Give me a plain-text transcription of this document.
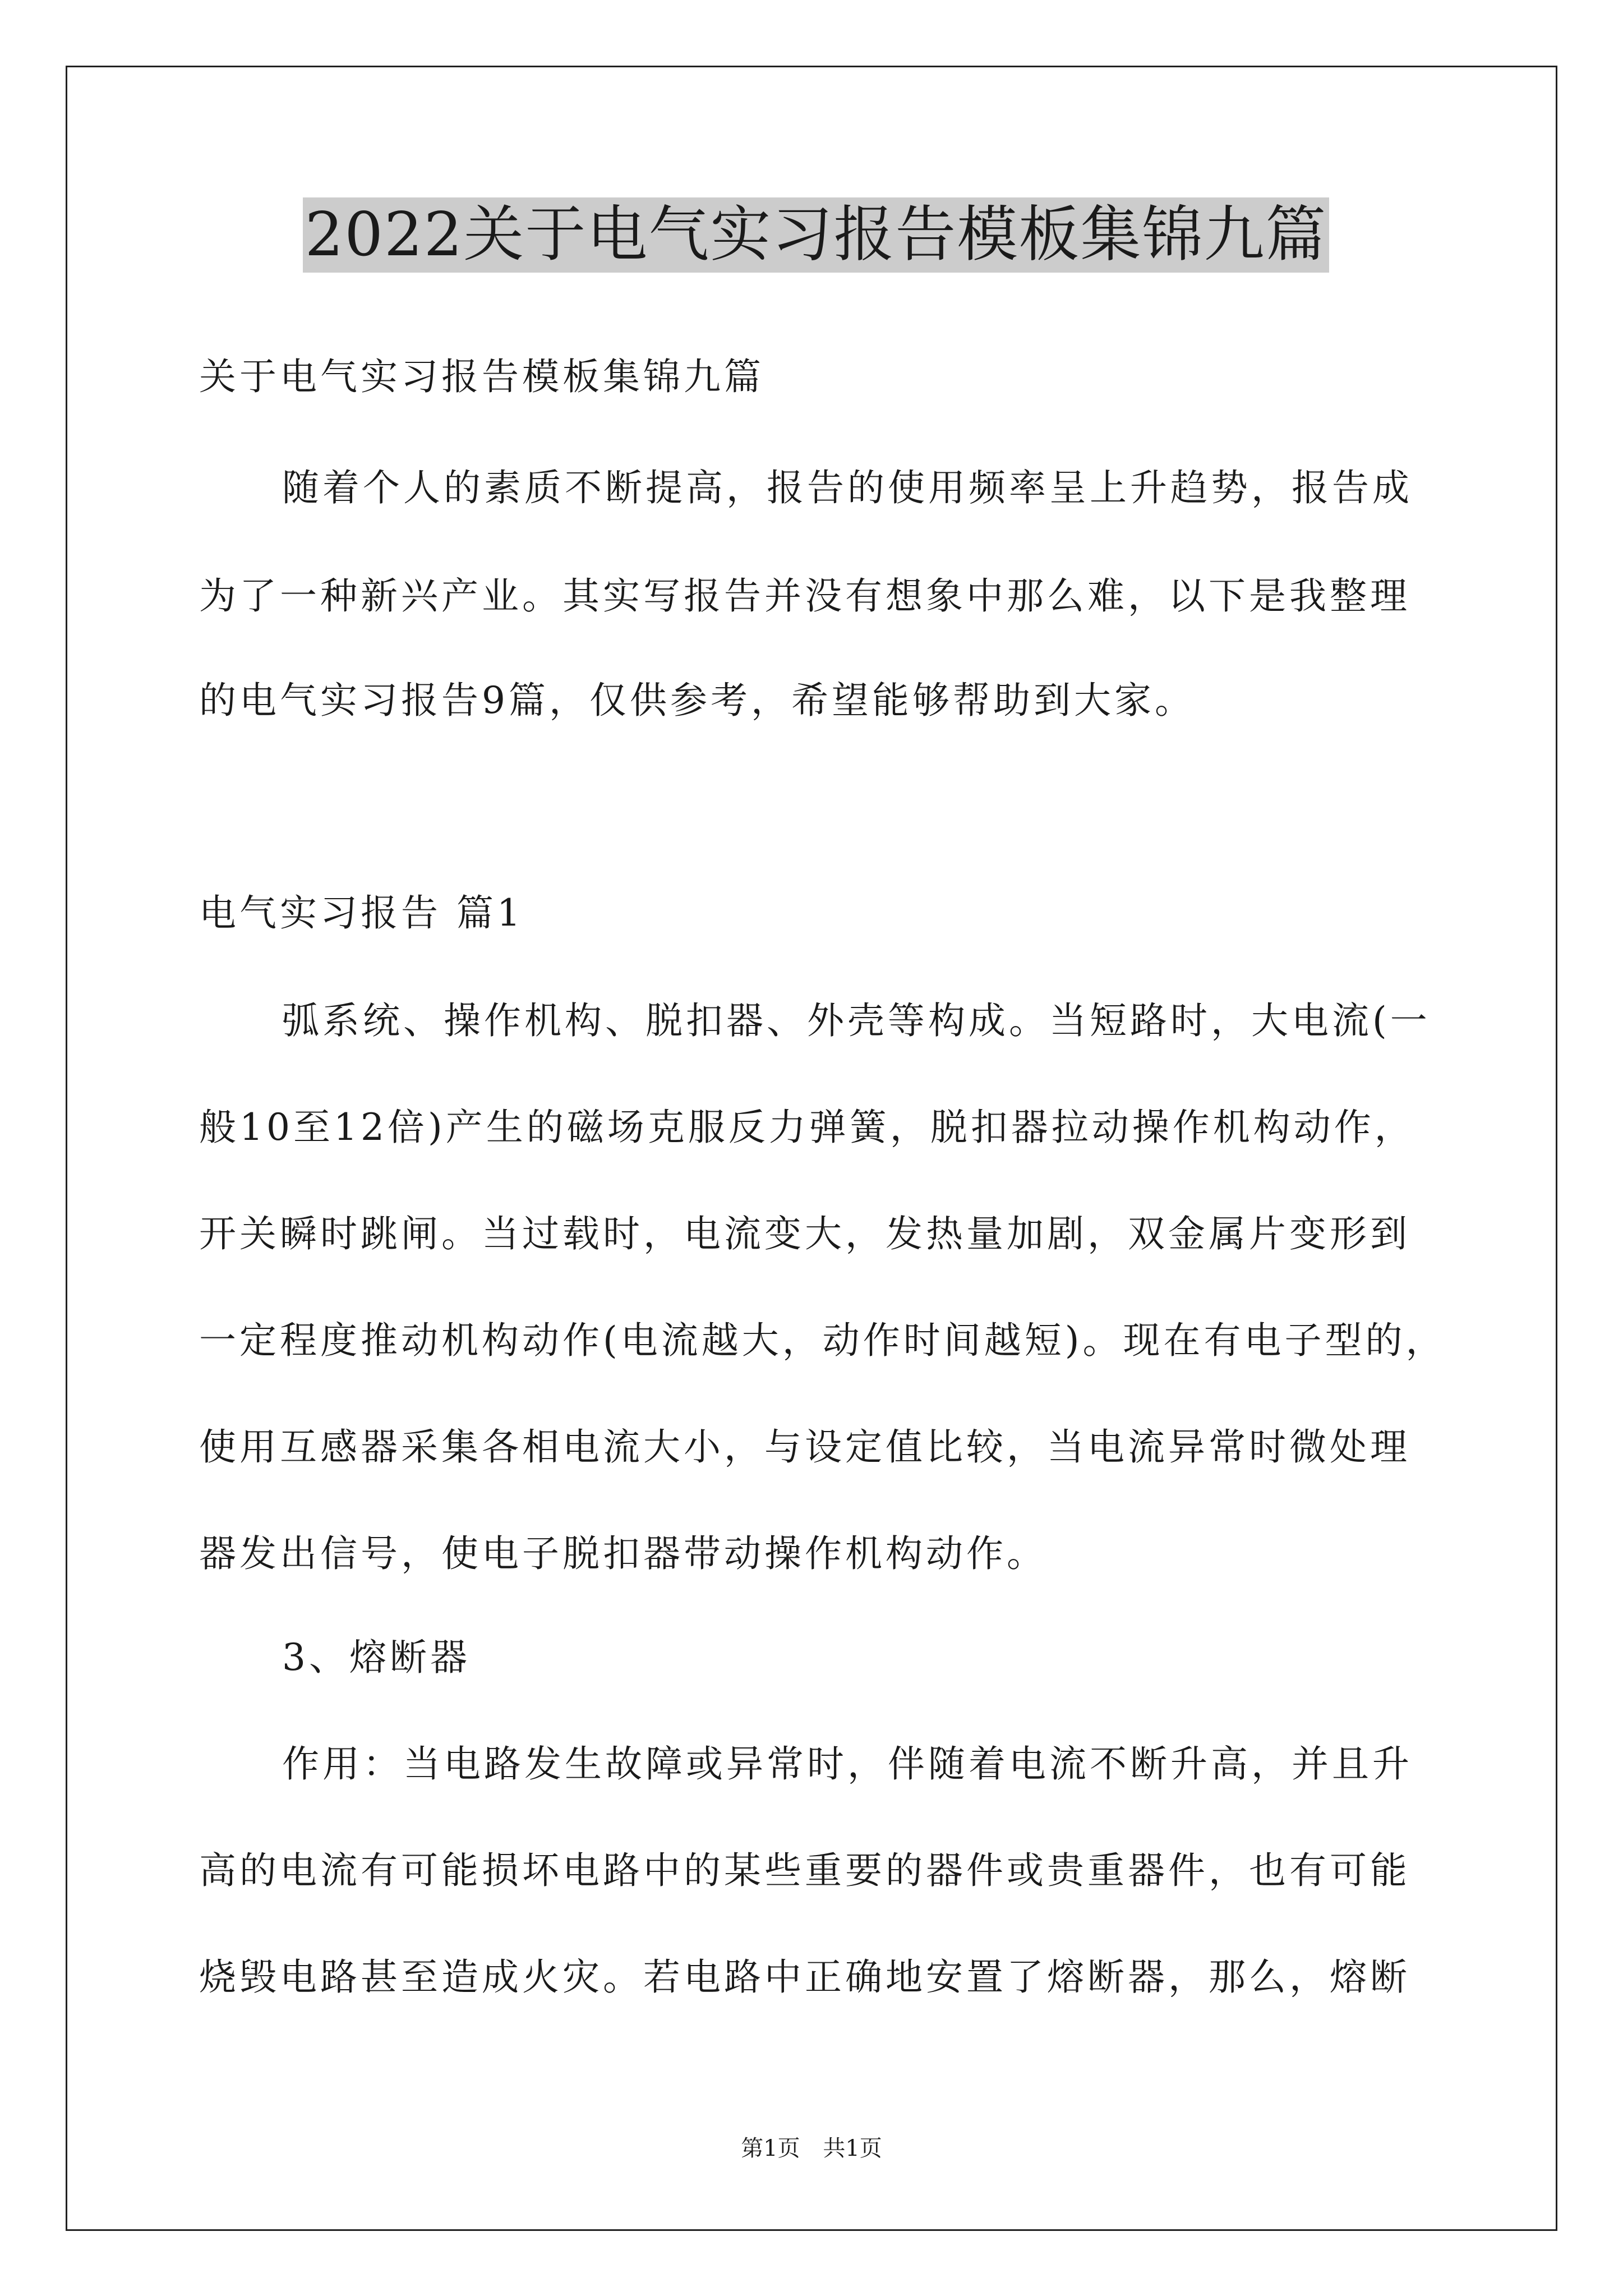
2022关于电气实习报告模板集锦九篇
关于电气实习报告模板集锦九篇
随着个人的素质不断提高，报告的使用频率呈上升趋势，报告成
为了一种新兴产业。其实写报告并没有想象中那么难，以下是我整理
的电气实习报告9篇，仅供参考，希望能够帮助到大家。
电气实习报告 篇1
弧系统、操作机构、脱扣器、外壳等构成。当短路时，大电流(一
般10至12倍)产生的磁场克服反力弹簧，脱扣器拉动操作机构动作，
开关瞬时跳闸。当过载时，电流变大，发热量加剧，双金属片变形到
一定程度推动机构动作(电流越大，动作时间越短)。现在有电子型的，
使用互感器采集各相电流大小，与设定值比较，当电流异常时微处理
器发出信号，使电子脱扣器带动操作机构动作。
3、熔断器
作用：当电路发生故障或异常时，伴随着电流不断升高，并且升
高的电流有可能损坏电路中的某些重要的器件或贵重器件，也有可能
烧毁电路甚至造成火灾。若电路中正确地安置了熔断器，那么，熔断
第1页 共1页
